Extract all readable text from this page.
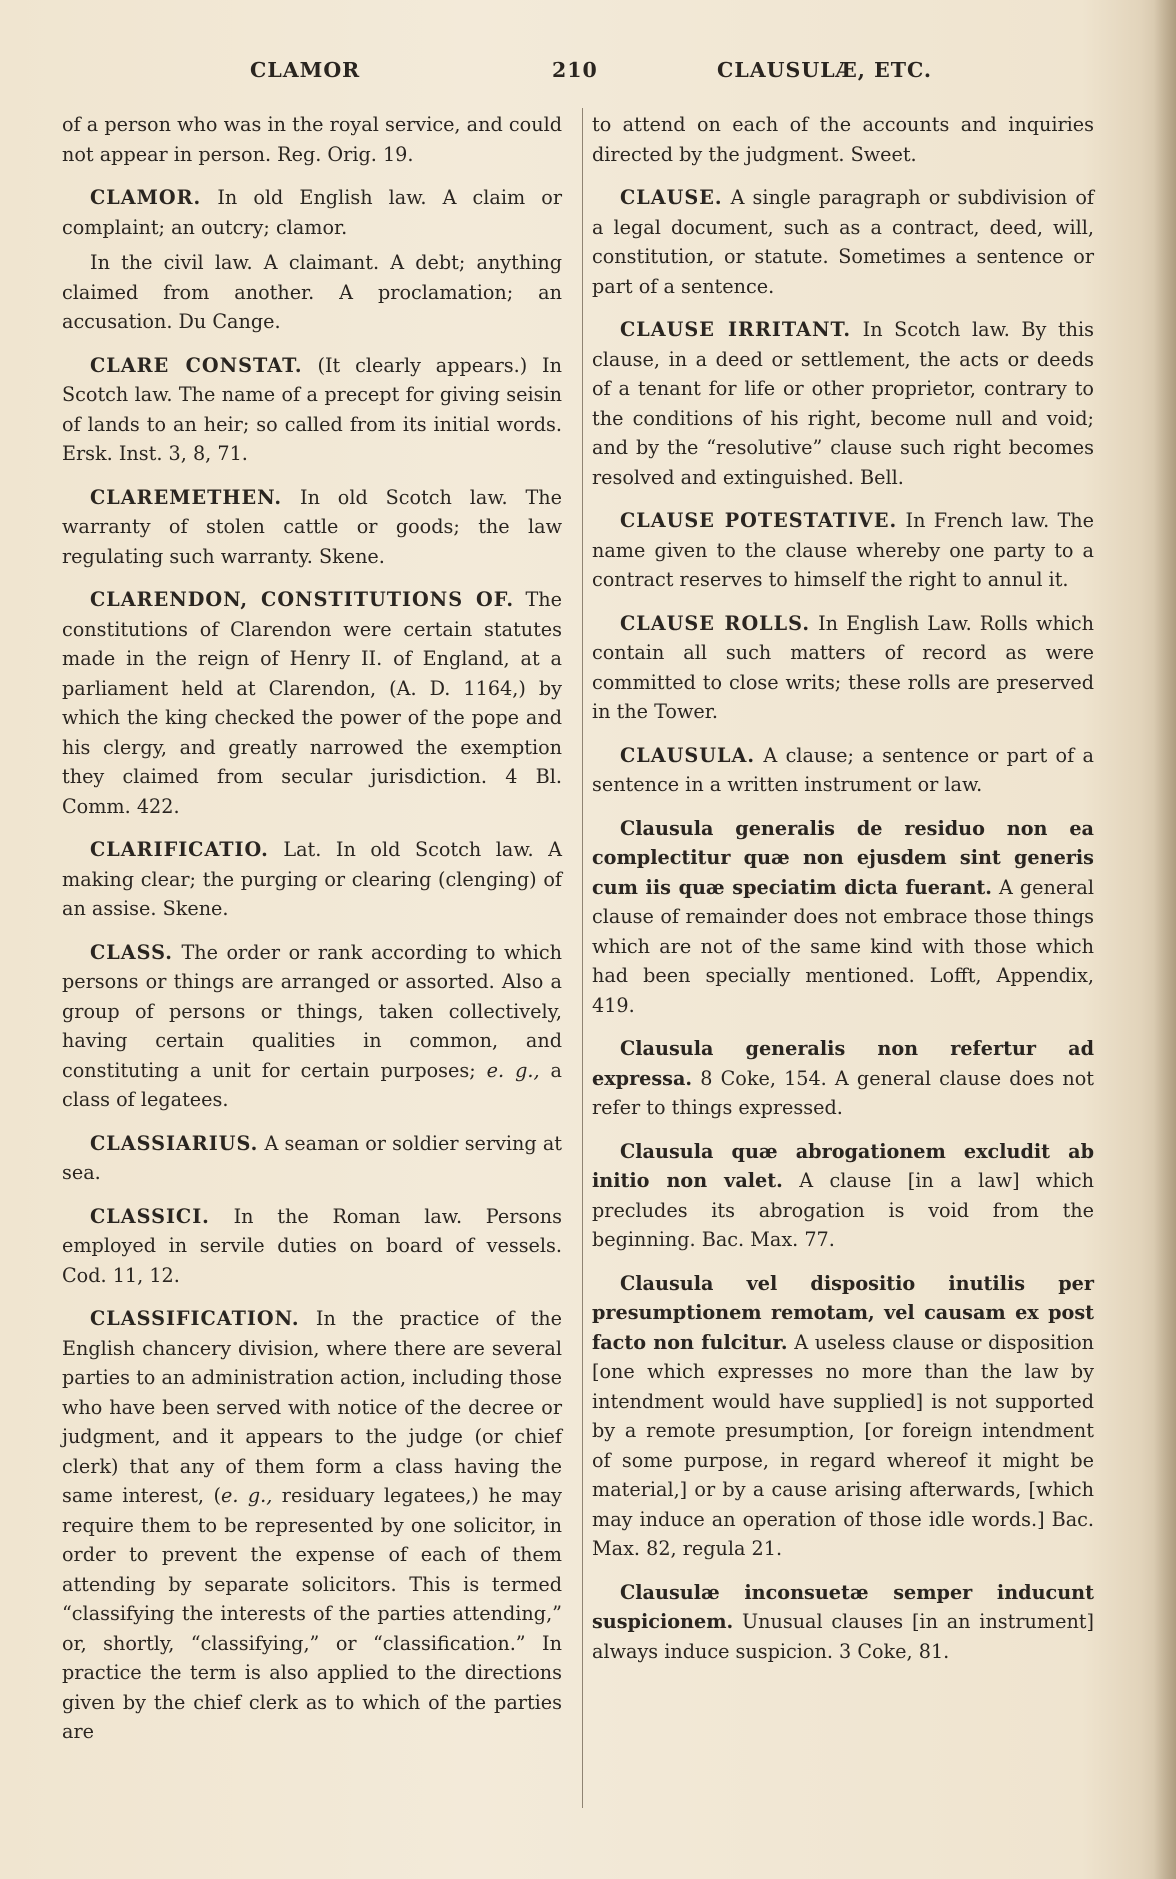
CLAMOR	210	CLAUSULÆ, ETC.

of a person who was in the royal service, and could not appear in person. Reg. Orig. 19.

CLAMOR. In old English law. A claim or complaint; an outcry; clamor.

In the civil law. A claimant. A debt; anything claimed from another. A proclamation; an accusation. Du Cange.

CLARE CONSTAT. (It clearly appears.) In Scotch law. The name of a precept for giving seisin of lands to an heir; so called from its initial words. Ersk. Inst. 3, 8, 71.

CLAREMETHEN. In old Scotch law. The warranty of stolen cattle or goods; the law regulating such warranty. Skene.

CLARENDON, CONSTITUTIONS OF. The constitutions of Clarendon were certain statutes made in the reign of Henry II. of England, at a parliament held at Clarendon, (A. D. 1164,) by which the king checked the power of the pope and his clergy, and greatly narrowed the exemption they claimed from secular jurisdiction. 4 Bl. Comm. 422.

CLARIFICATIO. Lat. In old Scotch law. A making clear; the purging or clearing (clenging) of an assise. Skene.

CLASS. The order or rank according to which persons or things are arranged or assorted. Also a group of persons or things, taken collectively, having certain qualities in common, and constituting a unit for certain purposes; e. g., a class of legatees.

CLASSIARIUS. A seaman or soldier serving at sea.

CLASSICI. In the Roman law. Persons employed in servile duties on board of vessels. Cod. 11, 12.

CLASSIFICATION. In the practice of the English chancery division, where there are several parties to an administration action, including those who have been served with notice of the decree or judgment, and it appears to the judge (or chief clerk) that any of them form a class having the same interest, (e. g., residuary legatees,) he may require them to be represented by one solicitor, in order to prevent the expense of each of them attending by separate solicitors. This is termed “classifying the interests of the parties attending,” or, shortly, “classifying,” or “classification.” In practice the term is also applied to the directions given by the chief clerk as to which of the parties are

to attend on each of the accounts and inquiries directed by the judgment. Sweet.

CLAUSE. A single paragraph or subdivision of a legal document, such as a contract, deed, will, constitution, or statute. Sometimes a sentence or part of a sentence.

CLAUSE IRRITANT. In Scotch law. By this clause, in a deed or settlement, the acts or deeds of a tenant for life or other proprietor, contrary to the conditions of his right, become null and void; and by the “resolutive” clause such right becomes resolved and extinguished. Bell.

CLAUSE POTESTATIVE. In French law. The name given to the clause whereby one party to a contract reserves to himself the right to annul it.

CLAUSE ROLLS. In English Law. Rolls which contain all such matters of record as were committed to close writs; these rolls are preserved in the Tower.

CLAUSULA. A clause; a sentence or part of a sentence in a written instrument or law.

Clausula generalis de residuo non ea complectitur quæ non ejusdem sint generis cum iis quæ speciatim dicta fuerant. A general clause of remainder does not embrace those things which are not of the same kind with those which had been specially mentioned. Lofft, Appendix, 419.

Clausula generalis non refertur ad expressa. 8 Coke, 154. A general clause does not refer to things expressed.

Clausula quæ abrogationem excludit ab initio non valet. A clause [in a law] which precludes its abrogation is void from the beginning. Bac. Max. 77.

Clausula vel dispositio inutilis per presumptionem remotam, vel causam ex post facto non fulcitur. A useless clause or disposition [one which expresses no more than the law by intendment would have supplied] is not supported by a remote presumption, [or foreign intendment of some purpose, in regard whereof it might be material,] or by a cause arising afterwards, [which may induce an operation of those idle words.] Bac. Max. 82, regula 21.

Clausulæ inconsuetæ semper inducunt suspicionem. Unusual clauses [in an instrument] always induce suspicion. 3 Coke, 81.
